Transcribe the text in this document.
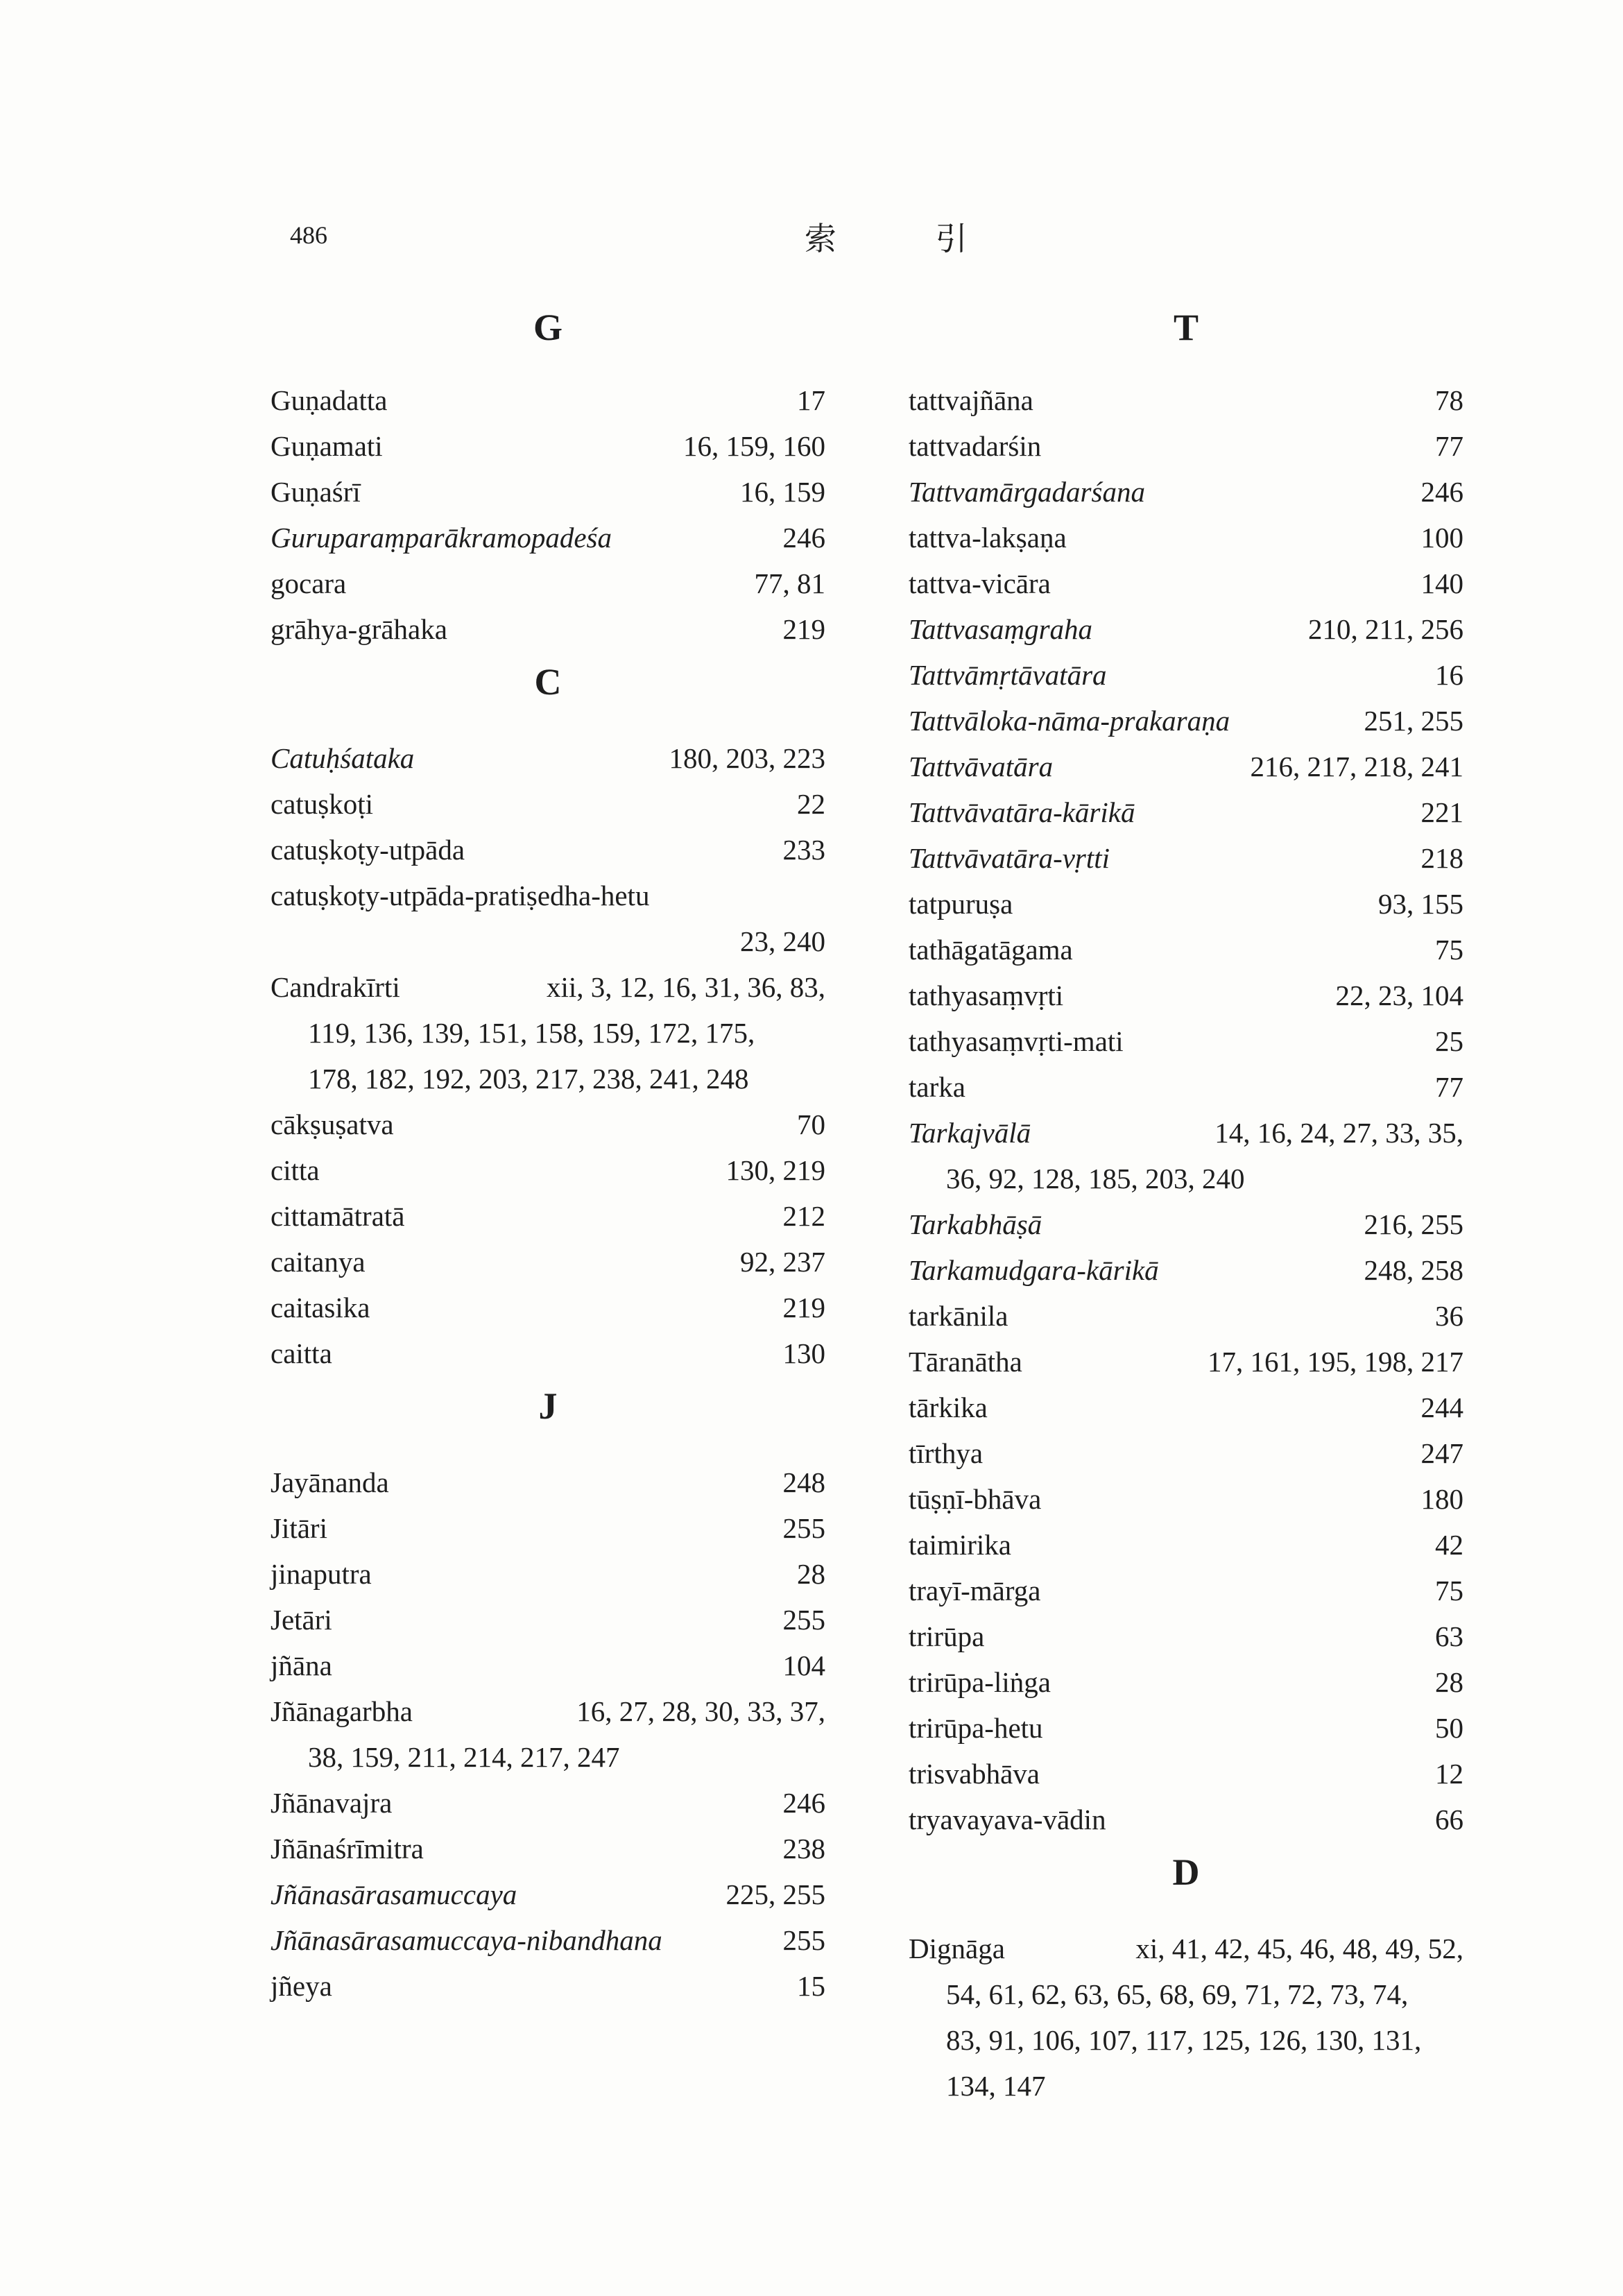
486	索 引
G
Guṇadatta	17
Guṇamati	16, 159, 160
Guṇaśrī	16, 159
Guruparaṃparākramopadeśa	246
gocara	77, 81
grāhya-grāhaka	219
C
Catuḥśataka	180, 203, 223
catuṣkoṭi	22
catuṣkoṭy-utpāda	233
catuṣkoṭy-utpāda-pratiṣedha-hetu
23, 240
Candrakīrti	xii, 3, 12, 16, 31, 36, 83,
119, 136, 139, 151, 158, 159, 172, 175,
178, 182, 192, 203, 217, 238, 241, 248
cākṣuṣatva	70
citta	130, 219
cittamātratā	212
caitanya	92, 237
caitasika	219
caitta	130
J
Jayānanda	248
Jitāri	255
jinaputra	28
Jetāri	255
jñāna	104
Jñānagarbha	16, 27, 28, 30, 33, 37,
38, 159, 211, 214, 217, 247
Jñānavajra	246
Jñānaśrīmitra	238
Jñānasārasamuccaya	225, 255
Jñānasārasamuccaya-nibandhana	255
jñeya	15
T
tattvajñāna	78
tattvadarśin	77
Tattvamārgadarśana	246
tattva-lakṣaṇa	100
tattva-vicāra	140
Tattvasaṃgraha	210, 211, 256
Tattvāmṛtāvatāra	16
Tattvāloka-nāma-prakaraṇa	251, 255
Tattvāvatāra	216, 217, 218, 241
Tattvāvatāra-kārikā	221
Tattvāvatāra-vṛtti	218
tatpuruṣa	93, 155
tathāgatāgama	75
tathyasaṃvṛti	22, 23, 104
tathyasaṃvṛti-mati	25
tarka	77
Tarkajvālā	14, 16, 24, 27, 33, 35,
36, 92, 128, 185, 203, 240
Tarkabhāṣā	216, 255
Tarkamudgara-kārikā	248, 258
tarkānila	36
Tāranātha	17, 161, 195, 198, 217
tārkika	244
tīrthya	247
tūṣṇī-bhāva	180
taimirika	42
trayī-mārga	75
trirūpa	63
trirūpa-liṅga	28
trirūpa-hetu	50
trisvabhāva	12
tryavayava-vādin	66
D
Dignāga	xi, 41, 42, 45, 46, 48, 49, 52,
54, 61, 62, 63, 65, 68, 69, 71, 72, 73, 74,
83, 91, 106, 107, 117, 125, 126, 130, 131,
134, 147
